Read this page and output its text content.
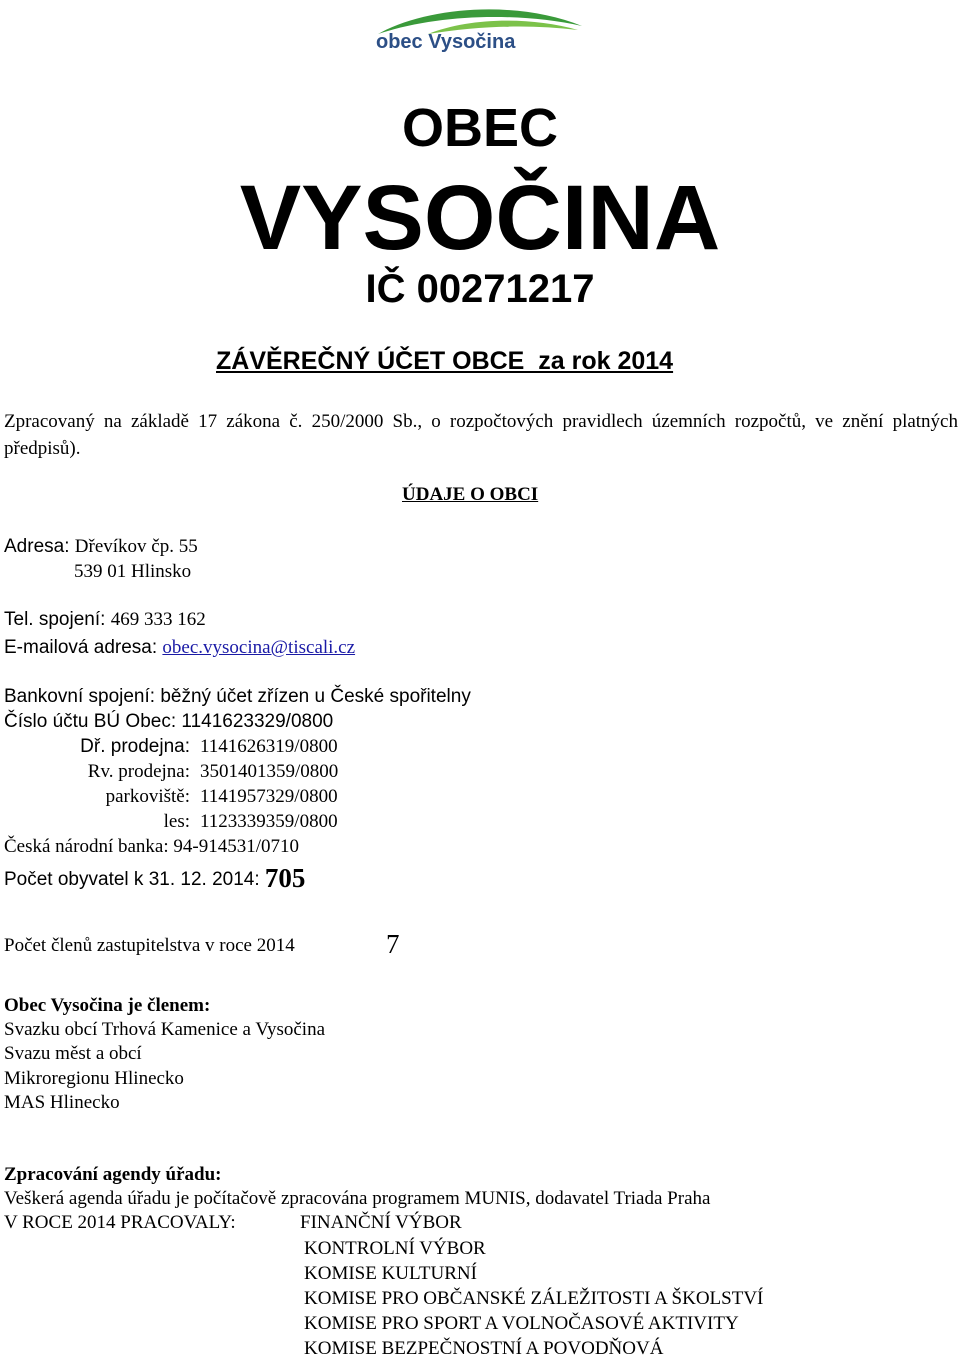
obec Vysočina
OBEC
VYSOČINA
IČ 00271217
ZÁVĚREČNÝ ÚČET OBCE  za rok 2014
Zpracovaný na základě 17 zákona č. 250/2000 Sb., o rozpočtových pravidlech územních rozpočtů, ve znění platných předpisů).
ÚDAJE O OBCI
Adresa: Dřevíkov čp. 55
539 01 Hlinsko
Tel. spojení: 469 333 162
E-mailová adresa: obec.vysocina@tiscali.cz
Bankovní spojení: běžný účet zřízen u České spořitelny
Číslo účtu BÚ Obec: 1141623329/0800
Dř. prodejna: 1141626319/0800
Rv. prodejna: 3501401359/0800
parkoviště: 1141957329/0800
les: 1123339359/0800
Česká národní banka: 94-914531/0710
Počet obyvatel k 31. 12. 2014: 705
Počet členů zastupitelstva v roce 2014	7
Obec Vysočina je členem:
Svazku obcí Trhová Kamenice a Vysočina
Svazu měst a obcí
Mikroregionu Hlinecko
MAS Hlinecko
Zpracování agendy úřadu:
Veškerá agenda úřadu je počítačově zpracována programem MUNIS, dodavatel Triada Praha
V ROCE 2014 PRACOVALY:	FINANČNÍ VÝBOR
KONTROLNÍ VÝBOR
KOMISE KULTURNÍ
KOMISE PRO OBČANSKÉ ZÁLEŽITOSTI A ŠKOLSTVÍ
KOMISE PRO SPORT A VOLNOČASOVÉ AKTIVITY
KOMISE BEZPEČNOSTNÍ A POVODŇOVÁ
